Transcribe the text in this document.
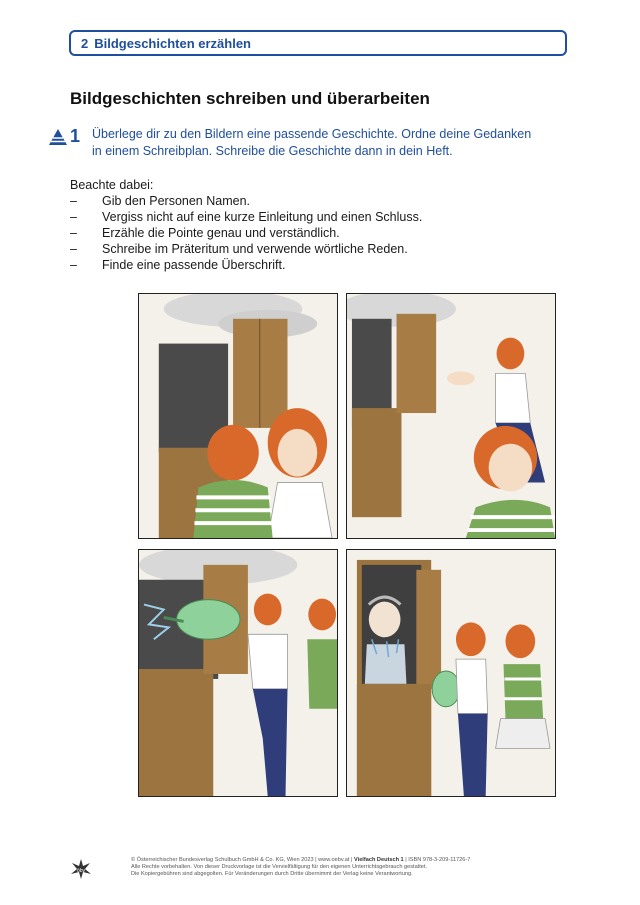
2 Bildgeschichten erzählen
Bildgeschichten schreiben und überarbeiten
1 Überlege dir zu den Bildern eine passende Geschichte. Ordne deine Gedanken
in einem Schreibplan. Schreibe die Geschichte dann in dein Heft.

Beachte dabei:

–	Gib den Personen Namen.
–	Vergiss nicht auf eine kurze Einleitung und einen Schluss.
–	Erzähle die Pointe genau und verständlich.
–	Schreibe im Präteritum und verwende wörtliche Reden.
–	Finde eine passende Überschrift.
öbv

© Österreichischer Bundesverlag Schulbuch GmbH & Co. KG, Wien 2023 | www.oebv.at | Vielfach Deutsch 1 | ISBN 978-3-209-11726-7

Alle Rechte vorbehalten. Von dieser Druckvorlage ist die Vervielfältigung für den eigenen Unterrichtsgebrauch gestattet.

Die Kopiergebühren sind abgegolten. Für Veränderungen durch Dritte übernimmt der Verlag keine Verantwortung.
